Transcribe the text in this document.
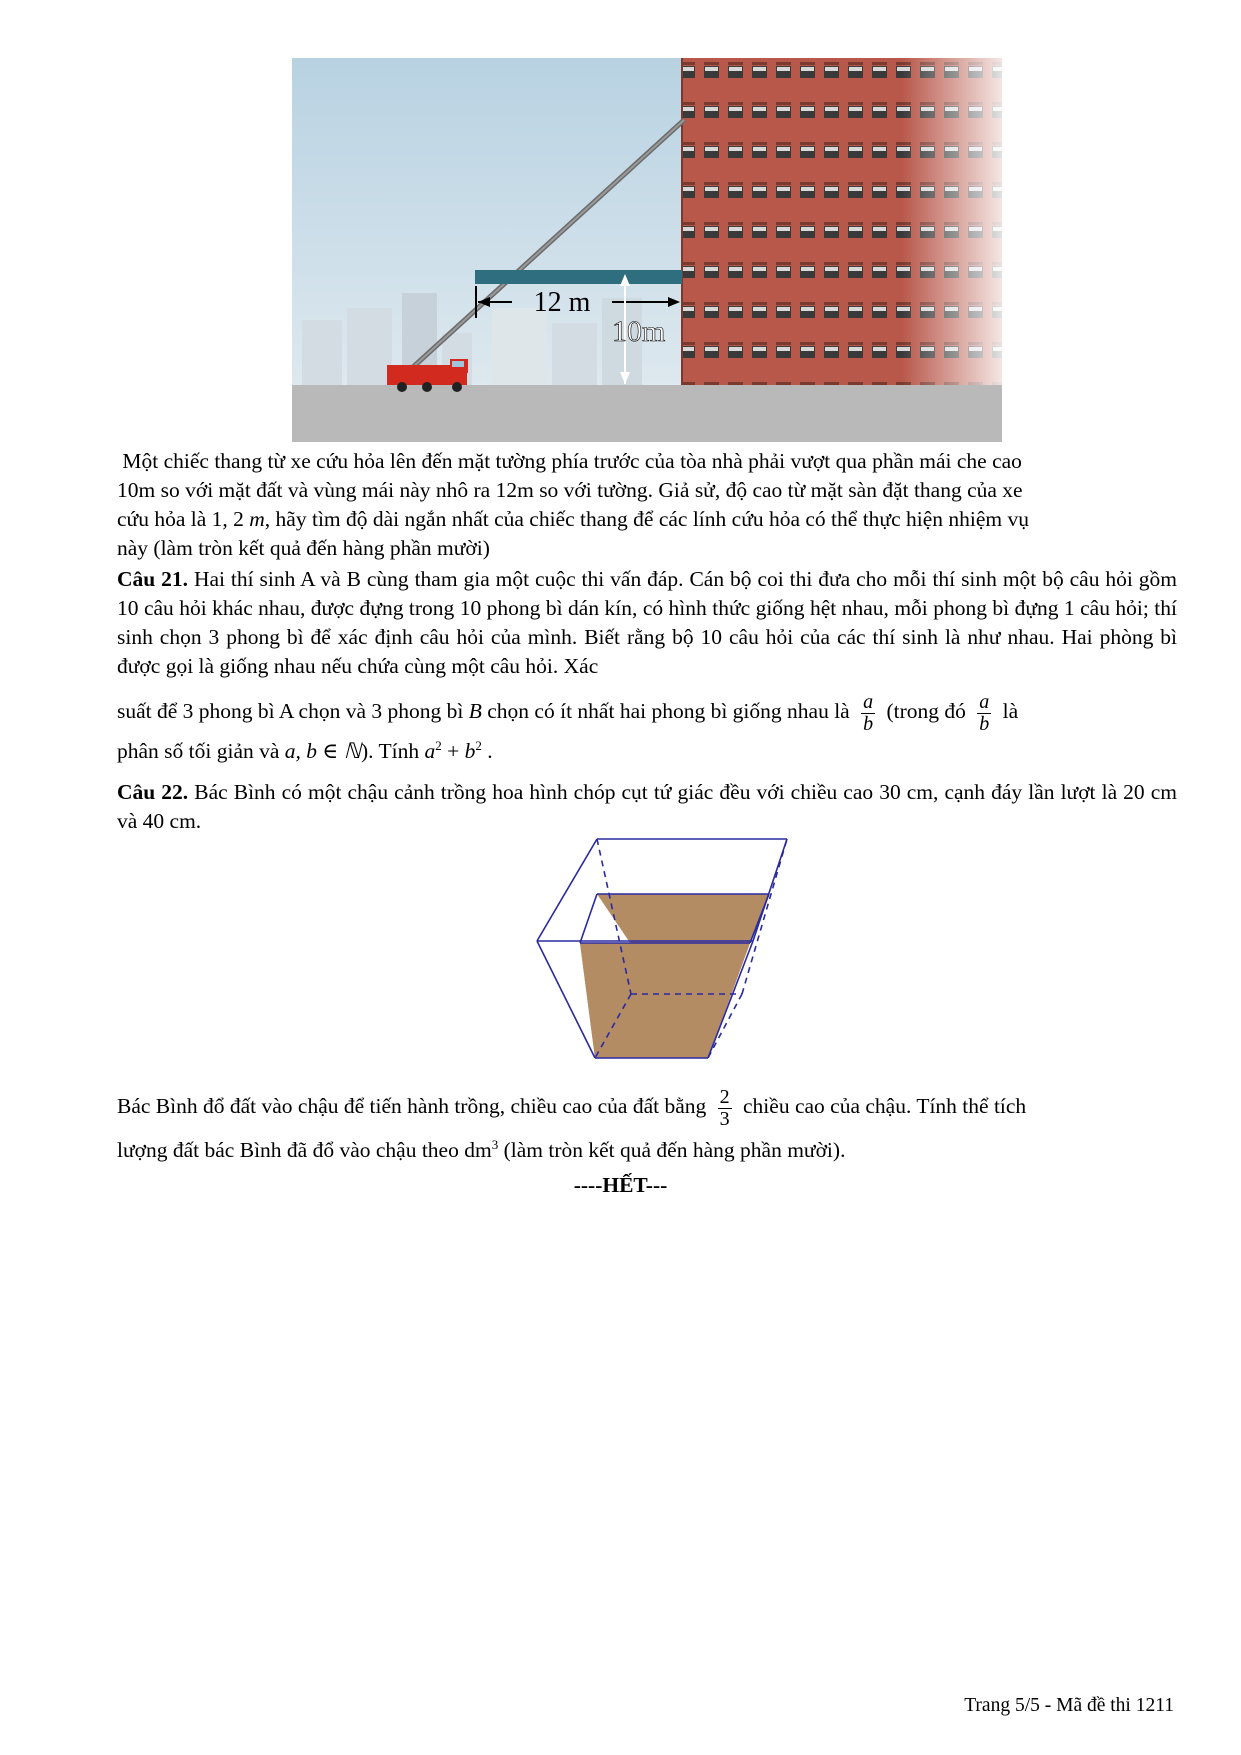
12 m
10m

Một chiếc thang từ xe cứu hỏa lên đến mặt tường phía trước của tòa nhà phải vượt qua phần mái che cao

10m so với mặt đất và vùng mái này nhô ra 12m so với tường. Giả sử, độ cao từ mặt sàn đặt thang của xe

cứu hỏa là 1, 2 m, hãy tìm độ dài ngắn nhất của chiếc thang để các lính cứu hỏa có thể thực hiện nhiệm vụ

này (làm tròn kết quả đến hàng phần mười)

Câu 21. Hai thí sinh A và B cùng tham gia một cuộc thi vấn đáp. Cán bộ coi thi đưa cho mỗi thí sinh một bộ câu hỏi gồm 10 câu hỏi khác nhau, được đựng trong 10 phong bì dán kín, có hình thức giống hệt nhau, mỗi phong bì đựng 1 câu hỏi; thí sinh chọn 3 phong bì để xác định câu hỏi của mình. Biết rằng bộ 10 câu hỏi của các thí sinh là như nhau. Hai phòng bì được gọi là giống nhau nếu chứa cùng một câu hỏi. Xác

suất để 3 phong bì A chọn và 3 phong bì B chọn có ít nhất hai phong bì giống nhau là $\frac{a}{b}$ (trong đó $\frac{a}{b}$ là

phân số tối giản và a, b ∈ ℕ). Tính $a^2 + b^2$ .

Câu 22. Bác Bình có một chậu cảnh trồng hoa hình chóp cụt tứ giác đều với chiều cao 30 cm, cạnh đáy lần lượt là 20 cm và 40 cm.

Bác Bình đổ đất vào chậu để tiến hành trồng, chiều cao của đất bằng $\frac{2}{3}$ chiều cao của chậu. Tính thể tích

lượng đất bác Bình đã đổ vào chậu theo $dm^3$ (làm tròn kết quả đến hàng phần mười).

----HẾT---
Trang 5/5 - Mã đề thi 1211
